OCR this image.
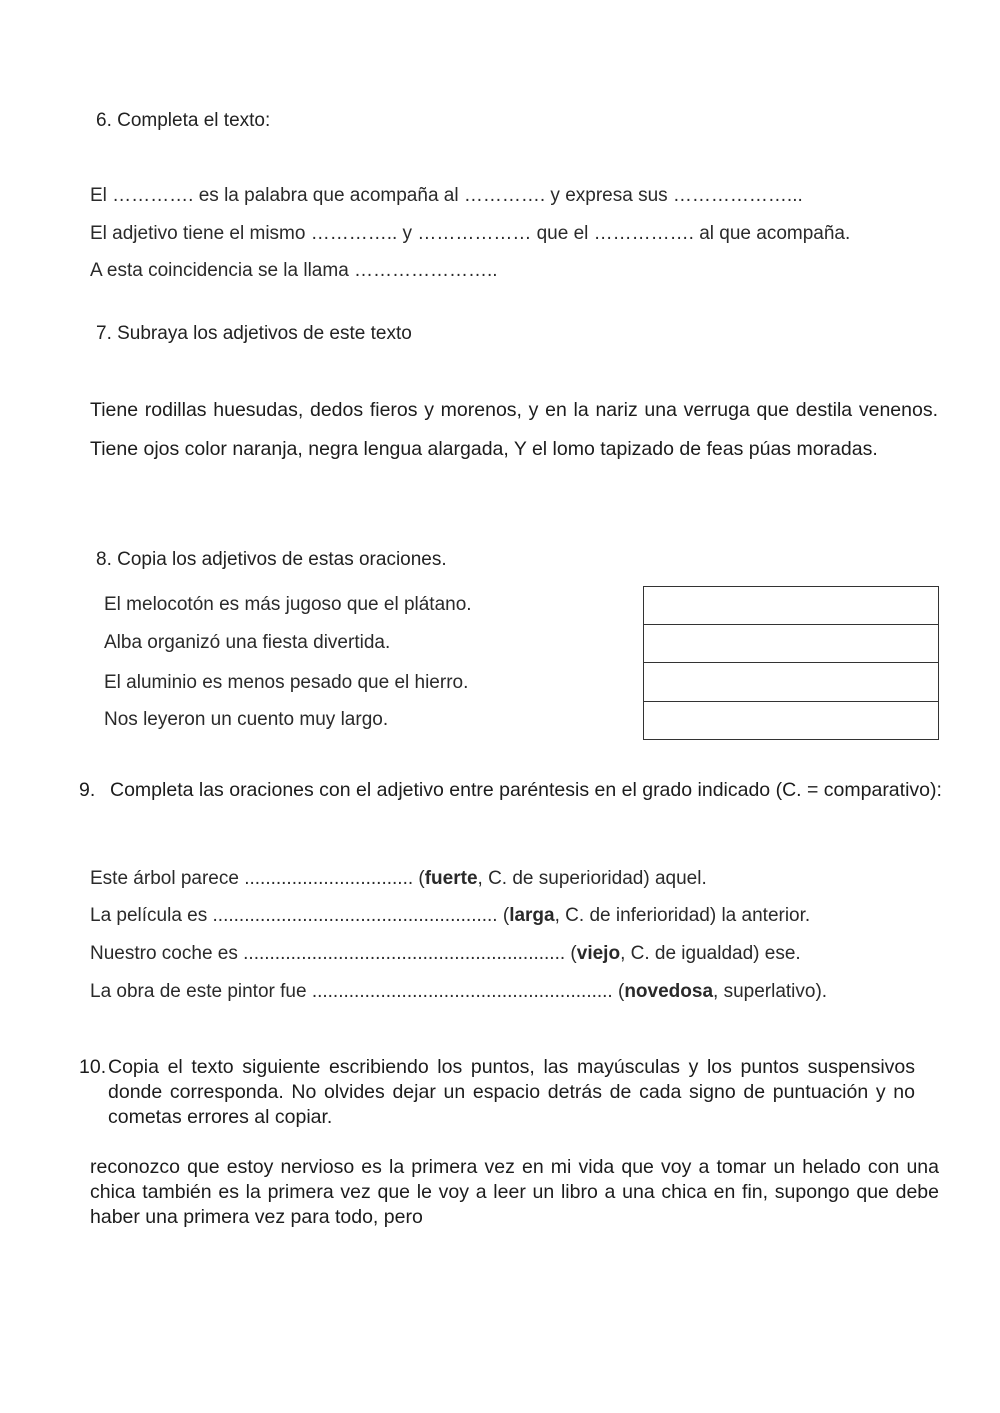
6. Completa el texto:
El …………. es la palabra que acompaña al …………. y expresa sus ………………...
El adjetivo tiene el mismo ………….. y ……………… que el ……………. al que acompaña.
A esta coincidencia se la llama …………………..
7. Subraya los adjetivos de este texto
Tiene rodillas huesudas, dedos fieros y morenos, y en la nariz una verruga que destila venenos. Tiene ojos color naranja, negra lengua alargada, Y el lomo tapizado de feas púas moradas.
8. Copia los adjetivos de estas oraciones.
El melocotón es más jugoso que el plátano.
Alba organizó una fiesta divertida.
El aluminio es menos pesado que el hierro.
Nos leyeron un cuento muy largo.
9. Completa las oraciones con el adjetivo entre paréntesis en el grado indicado (C. = comparativo):
Este árbol parece ................................ (fuerte, C. de superioridad) aquel.
La película es ...................................................... (larga, C. de inferioridad) la anterior.
Nuestro coche es ............................................................. (viejo, C. de igualdad) ese.
La obra de este pintor fue ......................................................... (novedosa, superlativo).
10. Copia el texto siguiente escribiendo los puntos, las mayúsculas y los puntos suspensivos donde corresponda. No olvides dejar un espacio detrás de cada signo de puntuación y no cometas errores al copiar.
reconozco que estoy nervioso es la primera vez en mi vida que voy a tomar un helado con una chica también es la primera vez que le voy a leer un libro a una chica en fin, supongo que debe haber una primera vez para todo, pero
